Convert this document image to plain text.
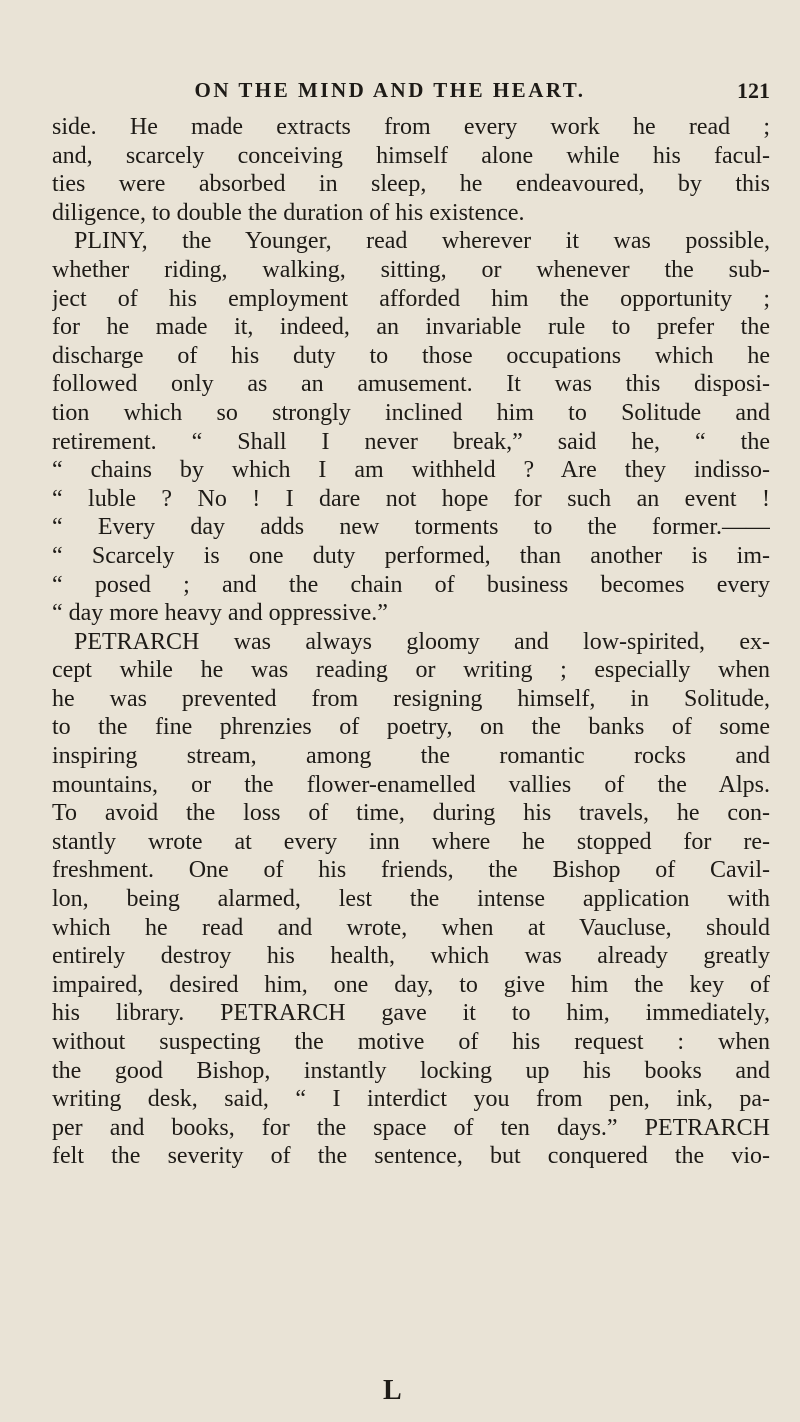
ON THE MIND AND THE HEART.	121
side. He made extracts from every work he read ;
and, scarcely conceiving himself alone while his facul-
ties were absorbed in sleep, he endeavoured, by this
diligence, to double the duration of his existence.
PLINY, the Younger, read wherever it was possible,
whether riding, walking, sitting, or whenever the sub-
ject of his employment afforded him the opportunity ;
for he made it, indeed, an invariable rule to prefer the
discharge of his duty to those occupations which he
followed only as an amusement. It was this disposi-
tion which so strongly inclined him to Solitude and
retirement. “ Shall I never break,” said he, “ the
“ chains by which I am withheld ? Are they indisso-
“ luble ? No ! I dare not hope for such an event !
“ Every day adds new torments to the former.——
“ Scarcely is one duty performed, than another is im-
“ posed ; and the chain of business becomes every
“ day more heavy and oppressive.”
PETRARCH was always gloomy and low-spirited, ex-
cept while he was reading or writing ; especially when
he was prevented from resigning himself, in Solitude,
to the fine phrenzies of poetry, on the banks of some
inspiring stream, among the romantic rocks and
mountains, or the flower-enamelled vallies of the Alps.
To avoid the loss of time, during his travels, he con-
stantly wrote at every inn where he stopped for re-
freshment. One of his friends, the Bishop of Cavil-
lon, being alarmed, lest the intense application with
which he read and wrote, when at Vaucluse, should
entirely destroy his health, which was already greatly
impaired, desired him, one day, to give him the key of
his library. PETRARCH gave it to him, immediately,
without suspecting the motive of his request : when
the good Bishop, instantly locking up his books and
writing desk, said, “ I interdict you from pen, ink, pa-
per and books, for the space of ten days.” PETRARCH
felt the severity of the sentence, but conquered the vio-
L
